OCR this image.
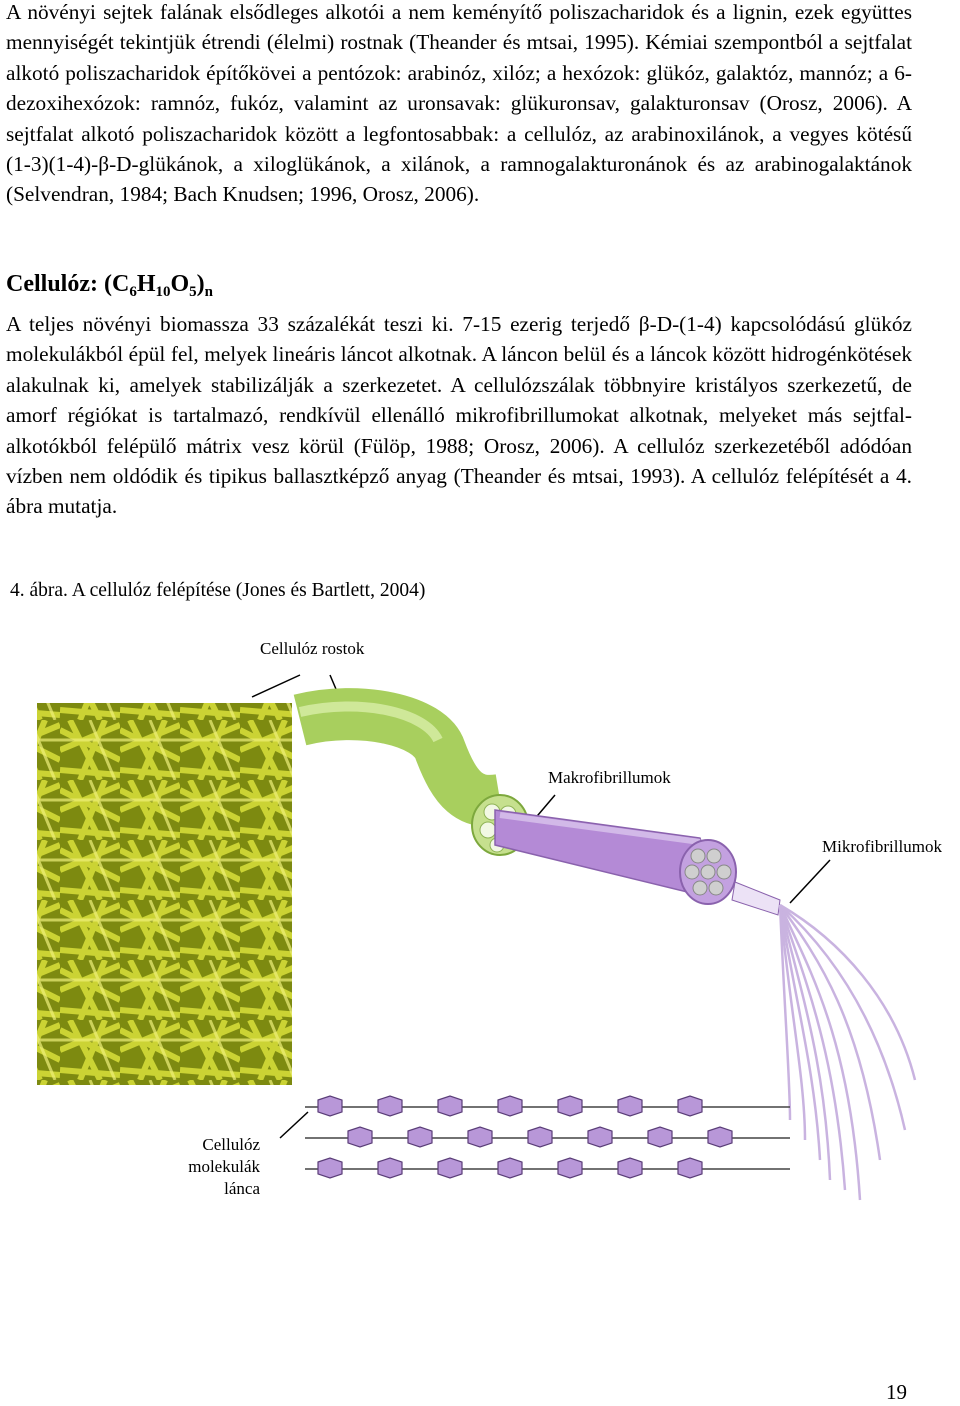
A növényi sejtek falának elsődleges alkotói a nem keményítő poliszacharidok és a lignin, ezek együttes mennyiségét tekintjük étrendi (élelmi) rostnak (Theander és mtsai, 1995). Kémiai szempontból a sejtfalat alkotó poliszacharidok építőkövei a pentózok: arabinóz, xilóz; a hexózok: glükóz, galaktóz, mannóz; a 6-dezoxihexózok: ramnóz, fukóz, valamint az uronsavak: glükuronsav, galakturonsav (Orosz, 2006). A sejtfalat alkotó poliszacharidok között a legfontosabbak: a cellulóz, az arabinoxilánok, a vegyes kötésű (1-3)(1-4)-β-D-glükánok, a xiloglükánok, a xilánok, a ramnogalakturonánok és az arabinogalaktánok (Selvendran, 1984; Bach Knudsen; 1996, Orosz, 2006).

Cellulóz: $(C_6H_{10}O_5)_n$

A teljes növényi biomassza 33 százalékát teszi ki. 7-15 ezerig terjedő β-D-(1-4) kapcsolódású glükóz molekulákból épül fel, melyek lineáris láncot alkotnak. A láncon belül és a láncok között hidrogénkötések alakulnak ki, amelyek stabilizálják a szerkezetet. A cellulózszálak többnyire kristályos szerkezetű, de amorf régiókat is tartalmazó, rendkívül ellenálló mikrofibrillumokat alkotnak, melyeket más sejtfal-alkotókból felépülő mátrix vesz körül (Fülöp, 1988; Orosz, 2006). A cellulóz szerkezetéből adódóan vízben nem oldódik és tipikus ballasztképző anyag (Theander és mtsai, 1993). A cellulóz felépítését a 4. ábra mutatja.

4. ábra. A cellulóz felépítése (Jones és Bartlett, 2004)

Cellulóz rostok
Makrofibrillumok
Mikrofibrillumok
Cellulóz
molekulák
lánca
19
